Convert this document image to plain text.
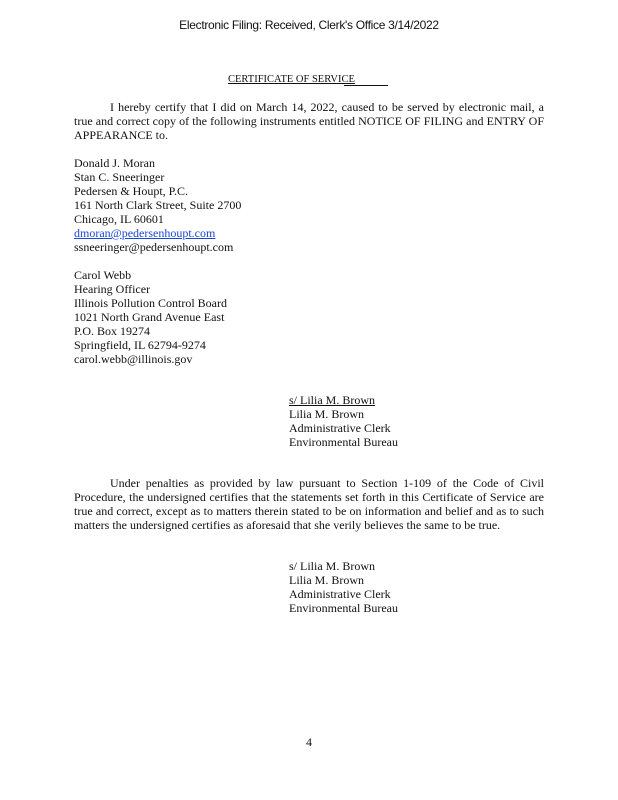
Electronic Filing: Received, Clerk's Office 3/14/2022
CERTIFICATE OF SERVICE
I hereby certify that I did on March 14, 2022, caused to be served by electronic mail, a true and correct copy of the following instruments entitled NOTICE OF FILING and ENTRY OF APPEARANCE to.
Donald J. Moran
Stan C. Sneeringer
Pedersen & Houpt, P.C.
161 North Clark Street, Suite 2700
Chicago, IL 60601
dmoran@pedersenhoupt.com
ssneeringer@pedersenhoupt.com
Carol Webb
Hearing Officer
Illinois Pollution Control Board
1021 North Grand Avenue East
P.O. Box 19274
Springfield, IL 62794-9274
carol.webb@illinois.gov
s/ Lilia M. Brown
Lilia M. Brown
Administrative Clerk
Environmental Bureau
Under penalties as provided by law pursuant to Section 1-109 of the Code of Civil Procedure, the undersigned certifies that the statements set forth in this Certificate of Service are true and correct, except as to matters therein stated to be on information and belief and as to such matters the undersigned certifies as aforesaid that she verily believes the same to be true.
s/ Lilia M. Brown
Lilia M. Brown
Administrative Clerk
Environmental Bureau
4
